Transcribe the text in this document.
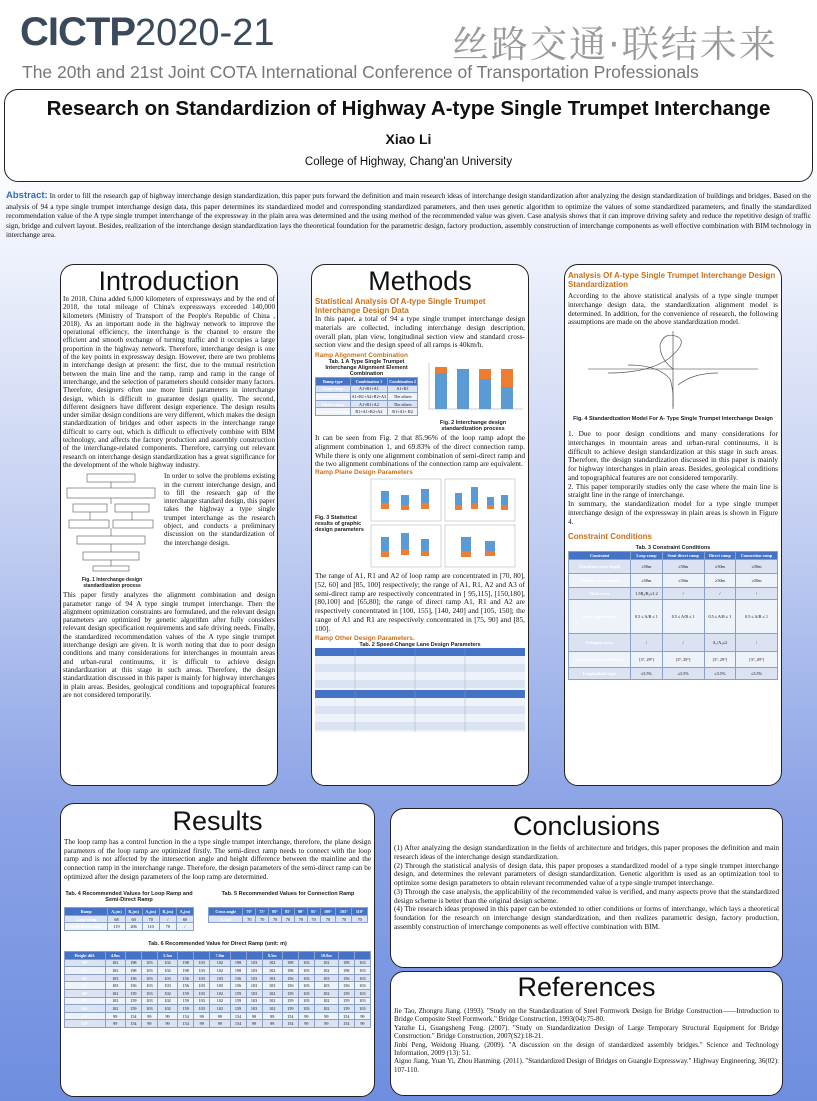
CICTP2020-21	丝路交通·联结未来
The 20th and 21st Joint COTA International Conference of Transportation Professionals
Research on Standardizion of Highway A-type Single Trumpet Interchange
Xiao Li
College of Highway, Chang'an University
Abstract: In order to fill the research gap of highway interchange design standardization, this paper puts forward the definition and main research ideas of interchange design standardization after analyzing the design standardization of buildings and bridges. Based on the analysis of 94 a type single trumpet interchange design data, this paper determines its standardized model and corresponding standardized parameters, and then uses genetic algorithm to optimize the values of some standardized parameters, and finally the standardized recommendation value of the A type single trumpet interchange of the expressway in the plain area was determined and the using method of the recommended value was given. Case analysis shows that it can improve driving safety and reduce the repetitive design of traffic sign, bridge and culvert layout. Besides, realization of the interchange design standardization lays the theoretical foundation for the parametric design, factory production, assembly construction of interchange components as well effective combination with BIM technology in interchange area.
Introduction
In 2018, China added 6,000 kilometers of expressways and by the end of 2018, the total mileage of China's expressways exceeded 140,000 kilometers (Ministry of Transport of the People's Republic of China , 2018). As an important node in the highway network to improve the operational efficiency, the interchange is the channel to ensure the efficient and smooth exchange of turning traffic and it occupies a large proportion in the highway network. Therefore, interchange design is one of the key points in expressway design. However, there are two problems in interchange design at present: the first, due to the mutual restriction between the main line and the ramp, ramp and ramp in the range of interchange, and the selection of parameters should consider many factors. Therefore, designers often use more limit parameters in interchange design, which is difficult to guarantee design quality. The second, different designers have different design experience. The design results under similar design conditions are very different, which makes the design standardization of bridges and other aspects in the interchange range difficult to carry out, which is difficult to effectively combine with BIM technology, and affects the factory production and assembly construction of the interchange-related components. Therefore, carrying out relevant research on interchange design standardization has a great significance for the development of the whole highway industry.
Fig. 1 Interchange design standardization process
In order to solve the problems existing in the current interchange design, and to fill the research gap of the interchange standard design, this paper takes the highway a type single trumpet interchange as the research object, and conducts a preliminary discussion on the standardization of the interchange design.
This paper firstly analyzes the alignment combination and design parameter range of 94 A type single trumpet interchange. Then the alignment optimization constraints are formulated, and the relevant design parameters are optimized by genetic algorithm after fully considers relevant design specification requirements and safe driving needs. Finally, the standardized recommendation values of the A type single trumpet interchange design are given. It is worth noting that due to poor design conditions and many considerations for interchanges in mountain areas and urban-rural continuums, it is difficult to achieve design standardization at this stage in such areas. Therefore, the design standardization discussed in this paper is mainly for highway interchanges in plain areas. Besides, geological conditions and topographical features are not considered temporarily.
Methods
Statistical Analysis Of A-type Single Trumpet Interchange Design Data
In this paper, a total of 94 a type single trumpet interchange design materials are collected, including interchange design description, overall plan, plan view, longitudinal section view and standard cross-section view and the design speed of all ramps is 40km/h.
Ramp Alignment Combination
Tab. 1 A Type Single Trumpet Interchange Alignment Element Combination
Ramp type	Combination 1	Combination 2
Loop ramp	A1+R1+A1	A1+R1
Semi-direct ramp	A1+R1+A2+R2+A3	The others
Direct ramp	A1+R1+A2	The others
Connection ramp	R1+A1+R2+A2	R1+A1+ R2
Fig. 2 Interchange design standardization process
It can be seen from Fig. 2 that 85.96% of the loop ramp adopt the alignment combination 1, and 69.83% of the direct connection ramp. While there is only one alignment combination of semi-direct ramp and the two alignment combinations of the connection ramp are equivalent.
Ramp Plane Design Parameters
Fig. 3 Statistical results of graphic design parameters
The range of A1, R1 and A2 of loop ramp are concentrated in [70, 80], [52, 60] and [85, 100] respectively; the range of A1, R1, A2 and A3 of semi-direct ramp are respectively concentrated in [ 95,115], [150,180], [80,100] and [65,80]; the range of direct ramp A1, R1 and A2 are respectively concentrated in [100, 155], [140, 240] and [105, 150]; the range of A1 and R1 are respectively concentrated in [75, 90] and [85, 100].
Ramp Other Design Parameters.
Tab. 2 Speed-Change Lane Design Parameters
Analysis Of A-type Single Trumpet Interchange Design Standardization
According to the above statistical analysis of a type single trumpet interchange design data, the standardization alignment model is determined. In addition, for the convenience of research, the following assumptions are made on the above standardization model.
Fig. 4 Standardization Model For A- Type Single Trumpet Interchange Design
1. Due to poor design conditions and many considerations for interchanges in mountain areas and urban-rural continuums, it is difficult to achieve design standardization at this stage in such areas. Therefore, the design standardization discussed in this paper is mainly for highway interchanges in plain areas. Besides, geological conditions and topographical features are not considered temporarily.
2. This paper temporarily studies only the case where the main line is straight line in the range of interchange.
In summary, the standardization model for a type single trumpet interchange design of the expressway in plain areas is shown in Figure 4.
Constraint Conditions
Tab. 3 Constraint Conditions
Constraint	Loop ramp	Semi-direct ramp	Direct ramp	Connection ramp
Transition curve length	≥50m	≥50m	≥50m	≥50m
Circular curve length	≥50m	≥50m	≥50m	≥50m
Oval curve	1.5R₂/R₁≤1.2	/	/	/
Basic type of curve	0.5 ≤ A/R ≤ 1	0.5 ≤ A/R ≤ 1	0.5 ≤ A/R ≤ 1	0.5 ≤ A/R ≤ 1
S-shaped curve	/	/	A₁/A₂≤2	/
Transition curve deflection	[3°, 29°]	[3°, 29°]	[3°, 29°]	[3°, 29°]
Longitudinal slope	≤3.5%	≤3.5%	≤3.5%	≤3.5%
Results
The loop ramp has a control function in the a type single trumpet interchange, therefore, the plane design parameters of the loop ramp are optimized firstly. The semi-direct ramp needs to connect with the loop ramp and is not affected by the intersection angle and height difference between the mainline and the connection ramp in the interchange range. Therefore, the design parameters of the semi-direct ramp can be optimized after the design parameters of the loop ramp are determined.
Tab. 4 Recommended Values for Loop Ramp and Semi-Direct Ramp
Ramp	A₁(m)	R₁(m)	A₂(m)	R₂(m)	A₃(m)
Loop ramp	68	60	70	/	60
Semi-direct ramp	119	206	110	70	/
Tab. 5 Recommended Values for Connection Ramp
Cross angle	70°	75°	80°	85°	90°	95°	100°	105°	110°
A₁ (m)	70	70	70	70	70	70	70	70	70
Tab. 6 Recommended Value for Direct Ramp (unit: m)
Height diff.	4.0m			5.5m			7.0m			8.5m			10.0m		
70°	102	198	103	102	198	103	102	198	103	102	198	103	102	198	103
75°	102	198	103	102	198	103	102	198	103	102	198	103	102	198	103
80°	103	156	103	103	156	103	103	156	103	103	156	103	103	156	103
85°	103	156	103	103	156	103	103	156	103	103	156	103	103	156	103
90°	102	159	103	102	159	103	102	159	103	102	159	103	102	159	103
95°	102	159	103	102	159	103	102	159	103	102	159	103	102	159	103
100°	102	159	103	102	159	103	102	159	103	102	159	103	102	159	103
105°	99	154	99	99	154	99	99	154	99	99	154	99	99	154	99
110°	99	154	99	99	154	99	99	154	99	99	154	99	99	154	99
Conclusions
(1) After analyzing the design standardization in the fields of architecture and bridges, this paper proposes the definition and main research ideas of the interchange design standardization.
(2) Through the statistical analysis of design data, this paper proposes a standardized model of a type single trumpet interchange design, and determines the relevant parameters of design standardization. Genetic algorithm is used as an optimization tool to optimize some design parameters to obtain relevant recommended value of a type single trumpet interchange.
(3) Through the case analysis, the applicability of the recommended value is verified, and many aspects prove that the standardized design scheme is better than the original design scheme.
(4) The research ideas proposed in this paper can be extended to other conditions or forms of interchange, which lays a theoretical foundation for the research on interchange design standardization, and then realizes parametric design, factory production, assembly construction of interchange components as well effective combination with BIM.
References
Jie Tao, Zhongru Jiang. (1993). "Study on the Standardization of Steel Formwork Design for Bridge Construction——Introduction to Bridge Composite Steel Formwork." Bridge Construction, 1993(04):75-80.
Yanzhe Li, Guangsheng Feng. (2007). "Study on Standardization Design of Large Temporary Structural Equipment for Bridge Construction." Bridge Construction, 2007(S2):18-21.
Jinbi Peng, Weidong Huang. (2009). "A discussion on the design of standardized assembly bridges." Science and Technology Information, 2009 (13): 51.
Aiguo Jiang, Yuan Yi, Zhou Hanming. (2011). "Standardized Design of Bridges on Guangle Expressway." Highway Engineering, 36(02): 107-110.
